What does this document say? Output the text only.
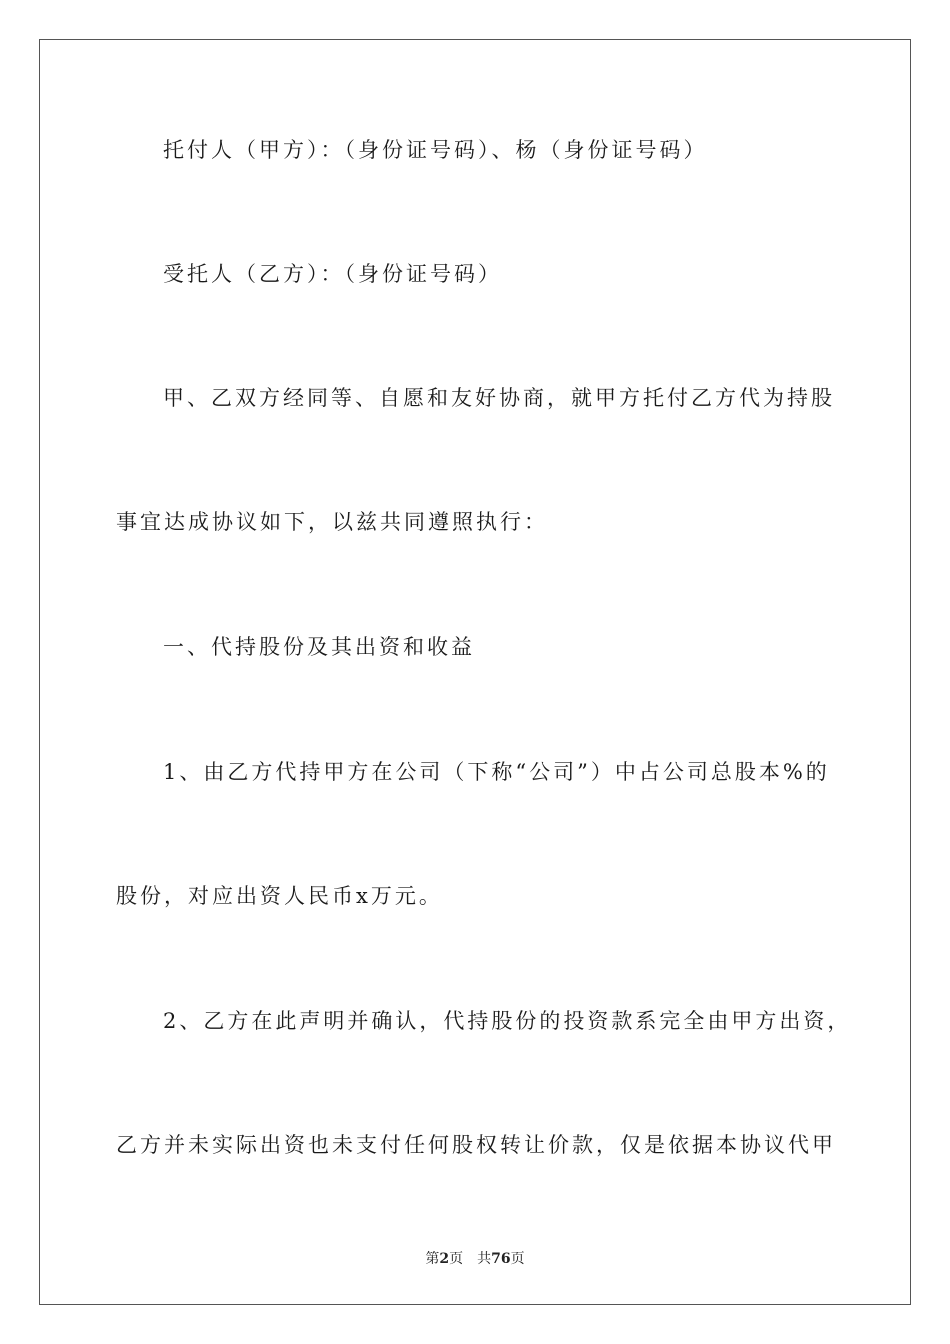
托付人（甲方）：（身份证号码）、杨（身份证号码）
受托人（乙方）：（身份证号码）
甲、乙双方经同等、自愿和友好协商，就甲方托付乙方代为持股
事宜达成协议如下，以兹共同遵照执行：
一、代持股份及其出资和收益
1、由乙方代持甲方在公司（下称“公司”）中占公司总股本%的
股份，对应出资人民币x万元。
2、乙方在此声明并确认，代持股份的投资款系完全由甲方出资，
乙方并未实际出资也未支付任何股权转让价款，仅是依据本协议代甲
第2页 共76页
